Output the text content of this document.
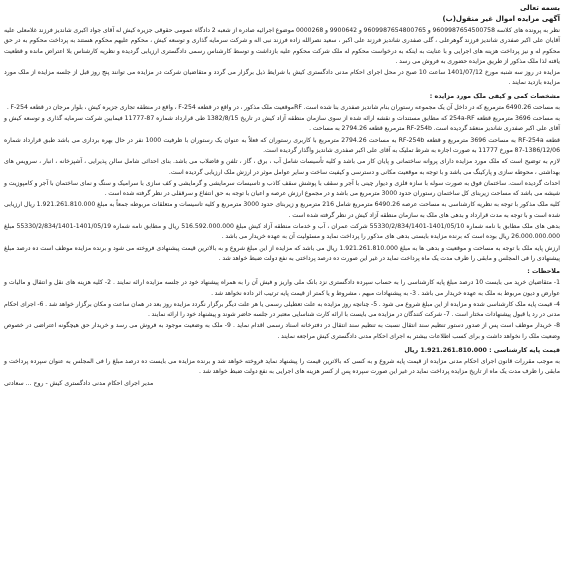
بسمه تعالی
آگهی مزایده اموال غیر منقول(ب)

نظر به پرونده های کلاسه 9609987654500758 و 9609987654800765 و 9900642 و 0000268 موضوع اجرائیه صادره از شعبه 2 دادگاه عمومی حقوقی جزیره کیش له آقای جواد اکبری شاندیز فرزند غلامعلی علیه آقایان علی اکبر صفدری شاندیز فرزند گوهرعلی ، گلی صفدری شاندیز فرزند علی اکبر ، سعید نصرالله زاده فرزند نبی اله و شرکت سرمایه گذاری و توسعه کیش ، محکوم علیهم محکوم هستند به پرداخت محکوم به در حق محکوم له و نیز پرداخت هزینه های اجرایی و با عنایت به اینکه به درخواست محکوم له ملک شرکت محکوم علیه بازداشت و توسط کارشناس رسمی دادگستری ارزیابی گردیده و نظریه کارشناس بلا اعتراض مانده و قطعیت یافته لذا ملک مذکور از طریق مزایده حضوری به فروش می رسد .

مزایده در روز سه شنبه مورخ 1401/07/12 ساعت 10 صبح در محل اجرای احکام مدنی دادگستری کیش با شرایط ذیل برگزار می گردد و متقاضیان شرکت در مزایده می توانند پنج روز قبل از جلسه مزایده از ملک مورد مزایده بازدید نمایند .

مشخصات کمی و کیفی ملک مورد مزایده :

به مساحت 6490.26 مترمربع که در داخل آن یک مجموعه رستوران بنام شاندیز صفدری بنا شده است. RFموقعیت ملک مذکور ، در واقع در قطعه F-254 ، واقع در منطقه تجاری جزیره کیش ، بلوار مرجان در قطعه F-254 .

به مساحت 3696 مترمربع قطعه 254a-RF که مطابق مستندات و نقشه ارائه شده از سوی سازمان منطقه آزاد کیش در تاریخ 1382/8/15 طی قرارداد شماره 87-11777 فیمابین شرکت سرمایه گذاری و توسعه کیش و آقای علی اکبر صفدری شاندیز منعقد گردیده است. RF-254b مترمربع قطعه 2794.26 به مساحت .

قطعه RF-254a به مساحت 3696 مترمربع و قطعه RF-254b به مساحت 2794.26 مترمربع با کاربری رستوران که فعلاً به عنوان یک رستوران با ظرفیت 1000 نفر در حال بهره برداری می باشد طبق قرارداد شماره 1386/12/06-87 مورخ 11777 به صورت اجاره به شرط تملیک به آقای علی اکبر صفدری شاندیز واگذار گردیده است.

لازم به توضیح است که ملک مورد مزایده دارای پروانه ساختمانی و پایان کار می باشد و کلیه تأسیسات شامل آب ، برق ، گاز ، تلفن و فاضلاب می باشد. بنای احداثی شامل سالن پذیرایی ، آشپزخانه ، انبار ، سرویس های بهداشتی ، محوطه سازی و پارکینگ می باشد و با توجه به موقعیت مکانی و دسترسی و کیفیت ساخت و سایر عوامل موثر در ارزش ملک ارزیابی گردیده است.

احداث گردیده است. ساختمان فوق به صورت سوله با سازه فلزی و دیوار چینی با آجر و سقف با پوشش سقف کاذب و تاسیسات سرمایشی و گرمایشی و کف سازی با سرامیک و سنگ و نمای ساختمان با آجر و کامپوزیت و شیشه می باشد که مساحت زیربنای کل ساختمان رستوران حدود 3000 مترمربع می باشد و در مجموع ارزش عرصه و اعیان با توجه به حق انتفاع و سرقفلی در نظر گرفته شده است .

کلیه ملک مذکور با توجه به نظریه کارشناسی به مساحت عرصه 6490.26 مترمربع شامل 216 مترمربع و زیربنای حدود 3000 مترمربع و کلیه تاسیسات و متعلقات مربوطه جمعاً به مبلغ 1.921.261.810.000 ریال ارزیابی شده است و با توجه به مدت قرارداد و بدهی های ملک به سازمان منطقه آزاد کیش در نظر گرفته شده است .

بدهی های ملک مطابق با نامه شماره 1401/05/10-55330/2/834/1401 شرکت عمران ، آب و خدمات منطقه آزاد کیش مبلغ 516.592.000.000 ریال و مطابق نامه شماره 1401/05/19-55330/2/834/1401 مبلغ 26.000.000.000 ریال بوده است که برنده مزایده بایستی بدهی های مذکور را پرداخت نماید و مسئولیت آن به عهده خریدار می باشد .

ارزش پایه ملک با توجه به مساحت و موقعیت و بدهی ها به مبلغ 1.921.261.810.000 ریال می باشد که مزایده از این مبلغ شروع و به بالاترین قیمت پیشنهادی فروخته می شود و برنده مزایده موظف است ده درصد مبلغ پیشنهادی را فی المجلس و مابقی را ظرف مدت یک ماه پرداخت نماید در غیر این صورت ده درصد پرداختی به نفع دولت ضبط خواهد شد .

ملاحظات :

1- متقاضیان خرید می بایست 10 درصد مبلغ پایه کارشناسی را به حساب سپرده دادگستری نزد بانک ملی واریز و فیش آن را به همراه پیشنهاد خود در جلسه مزایده ارائه نمایند . 2- کلیه هزینه های نقل و انتقال و مالیات و عوارض و دیون مربوط به ملک به عهده خریدار می باشد . 3- به پیشنهادات مبهم ، مشروط و یا کمتر از قیمت پایه ترتیب اثر داده نخواهد شد .

4- قیمت پایه ملک کارشناسی شده و مزایده از این مبلغ شروع می شود . 5- چنانچه روز مزایده به علت تعطیلی رسمی یا هر علت دیگر برگزار نگردد مزایده روز بعد در همان ساعت و مکان برگزار خواهد شد . 6- اجرای احکام مدنی در رد یا قبول پیشنهادات مختار است . 7- شرکت کنندگان در مزایده می بایست با ارائه کارت شناسایی معتبر در جلسه حاضر شوند و پیشنهاد خود را ارائه نمایند .

8- خریدار موظف است پس از صدور دستور تنظیم سند انتقال نسبت به تنظیم سند انتقال در دفترخانه اسناد رسمی اقدام نماید . 9- ملک به وضعیت موجود به فروش می رسد و خریدار حق هیچگونه اعتراضی در خصوص وضعیت ملک را نخواهد داشت و برای کسب اطلاعات بیشتر به اجرای احکام مدنی دادگستری کیش مراجعه نمایند .

قیمت پایه کارشناسی : 1.921.261.810.000 ریال

به موجب مقررات قانون اجرای احکام مدنی مزایده از قیمت پایه شروع و به کسی که بالاترین قیمت را پیشنهاد نماید فروخته خواهد شد و برنده مزایده می بایست ده درصد مبلغ را فی المجلس به عنوان سپرده پرداخت و مابقی را ظرف مدت یک ماه از تاریخ مزایده پرداخت نماید در غیر این صورت سپرده پس از کسر هزینه های اجرایی به نفع دولت ضبط خواهد شد .

مدیر اجرای احکام مدنی دادگستری کیش - روح ... سعادتی
